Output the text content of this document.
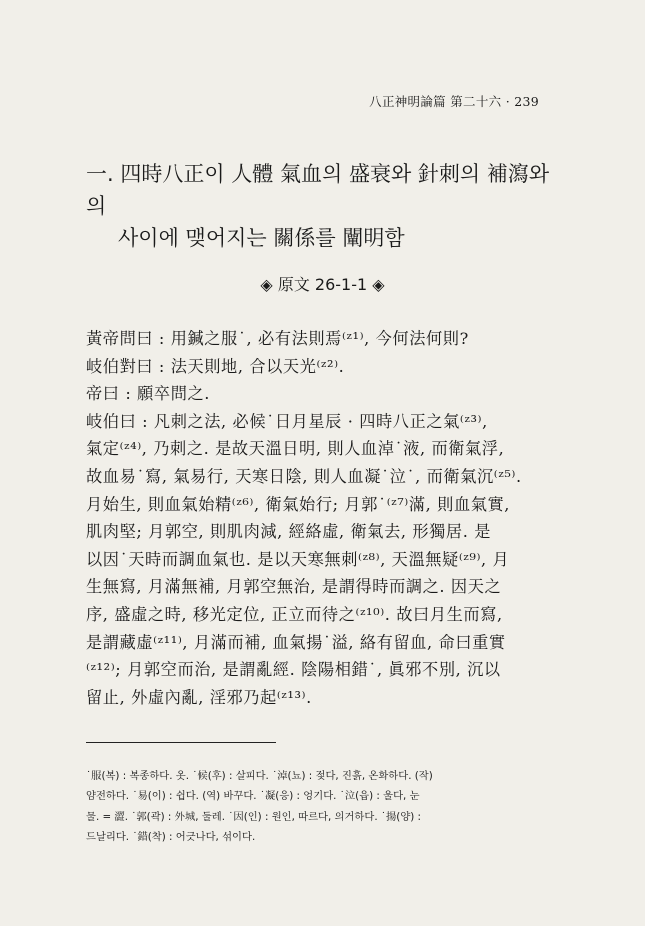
八正神明論篇 第二十六 · 239
一. 四時八正이 人體 氣血의 盛衰와 針刺의 補瀉와의
사이에 맺어지는 關係를 闡明함
◈ 原文 26-1-1 ◈

黃帝問曰 : 用鍼之服˙, 必有法則焉⁽ᶻ¹⁾, 今何法何則?

岐伯對曰 : 法天則地, 合以天光⁽ᶻ²⁾.

帝曰 : 願卒問之.

岐伯曰 : 凡刺之法, 必候˙日月星辰 · 四時八正之氣⁽ᶻ³⁾,

氣定⁽ᶻ⁴⁾, 乃刺之. 是故天溫日明, 則人血淖˙液, 而衛氣浮,

故血易˙寫, 氣易行, 天寒日陰, 則人血凝˙泣˙, 而衛氣沉⁽ᶻ⁵⁾.

月始生, 則血氣始精⁽ᶻ⁶⁾, 衛氣始行; 月郭˙⁽ᶻ⁷⁾滿, 則血氣實,

肌肉堅; 月郭空, 則肌肉減, 經絡虛, 衛氣去, 形獨居. 是

以因˙天時而調血氣也. 是以天寒無刺⁽ᶻ⁸⁾, 天溫無疑⁽ᶻ⁹⁾, 月

生無寫, 月滿無補, 月郭空無治, 是謂得時而調之. 因天之

序, 盛虛之時, 移光定位, 正立而待之⁽ᶻ¹⁰⁾. 故曰月生而寫,

是謂藏虛⁽ᶻ¹¹⁾, 月滿而補, 血氣揚˙溢, 絡有留血, 命曰重實

⁽ᶻ¹²⁾; 月郭空而治, 是謂亂經. 陰陽相錯˙, 眞邪不別, 沉以

留止, 外虛內亂, 淫邪乃起⁽ᶻ¹³⁾.

˙服(복) : 복종하다. 옷. ˙候(후) : 살피다. ˙淖(뇨) : 젖다, 진흙, 온화하다. (작)

얌전하다. ˙易(이) : 쉽다. (역) 바꾸다. ˙凝(응) : 엉기다. ˙泣(읍) : 울다, 눈

물. = 澀. ˙郭(곽) : 外城, 둘레. ˙因(인) : 원인, 따르다, 의거하다. ˙揚(양) :

드날리다. ˙錯(착) : 어긋나다, 섞이다.
